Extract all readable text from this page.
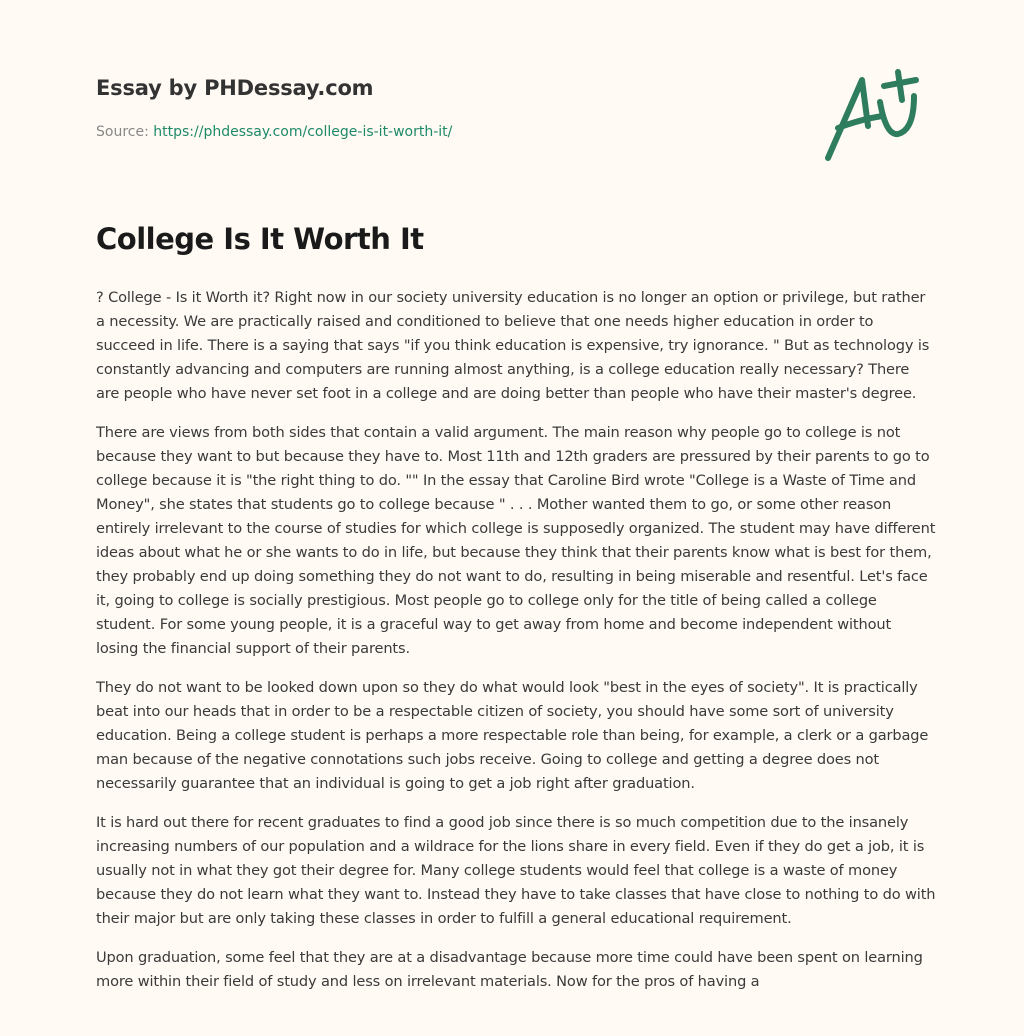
Essay by PHDessay.com
Source: https://phdessay.com/college-is-it-worth-it/
College Is It Worth It

? College - Is it Worth it? Right now in our society university education is no longer an option or privilege, but rather a necessity. We are practically raised and conditioned to believe that one needs higher education in order to succeed in life. There is a saying that says "if you think education is expensive, try ignorance. " But as technology is constantly advancing and computers are running almost anything, is a college education really necessary? There are people who have never set foot in a college and are doing better than people who have their master's degree.

There are views from both sides that contain a valid argument. The main reason why people go to college is not because they want to but because they have to. Most 11th and 12th graders are pressured by their parents to go to college because it is "the right thing to do. "" In the essay that Caroline Bird wrote "College is a Waste of Time and Money", she states that students go to college because " . . . Mother wanted them to go, or some other reason entirely irrelevant to the course of studies for which college is supposedly organized. The student may have different ideas about what he or she wants to do in life, but because they think that their parents know what is best for them, they probably end up doing something they do not want to do, resulting in being miserable and resentful. Let's face it, going to college is socially prestigious. Most people go to college only for the title of being called a college student. For some young people, it is a graceful way to get away from home and become independent without losing the financial support of their parents.

They do not want to be looked down upon so they do what would look "best in the eyes of society". It is practically beat into our heads that in order to be a respectable citizen of society, you should have some sort of university education. Being a college student is perhaps a more respectable role than being, for example, a clerk or a garbage man because of the negative connotations such jobs receive. Going to college and getting a degree does not necessarily guarantee that an individual is going to get a job right after graduation.

It is hard out there for recent graduates to find a good job since there is so much competition due to the insanely increasing numbers of our population and a wildrace for the lions share in every field. Even if they do get a job, it is usually not in what they got their degree for. Many college students would feel that college is a waste of money because they do not learn what they want to. Instead they have to take classes that have close to nothing to do with their major but are only taking these classes in order to fulfill a general educational requirement.

Upon graduation, some feel that they are at a disadvantage because more time could have been spent on learning more within their field of study and less on irrelevant materials. Now for the pros of having a
